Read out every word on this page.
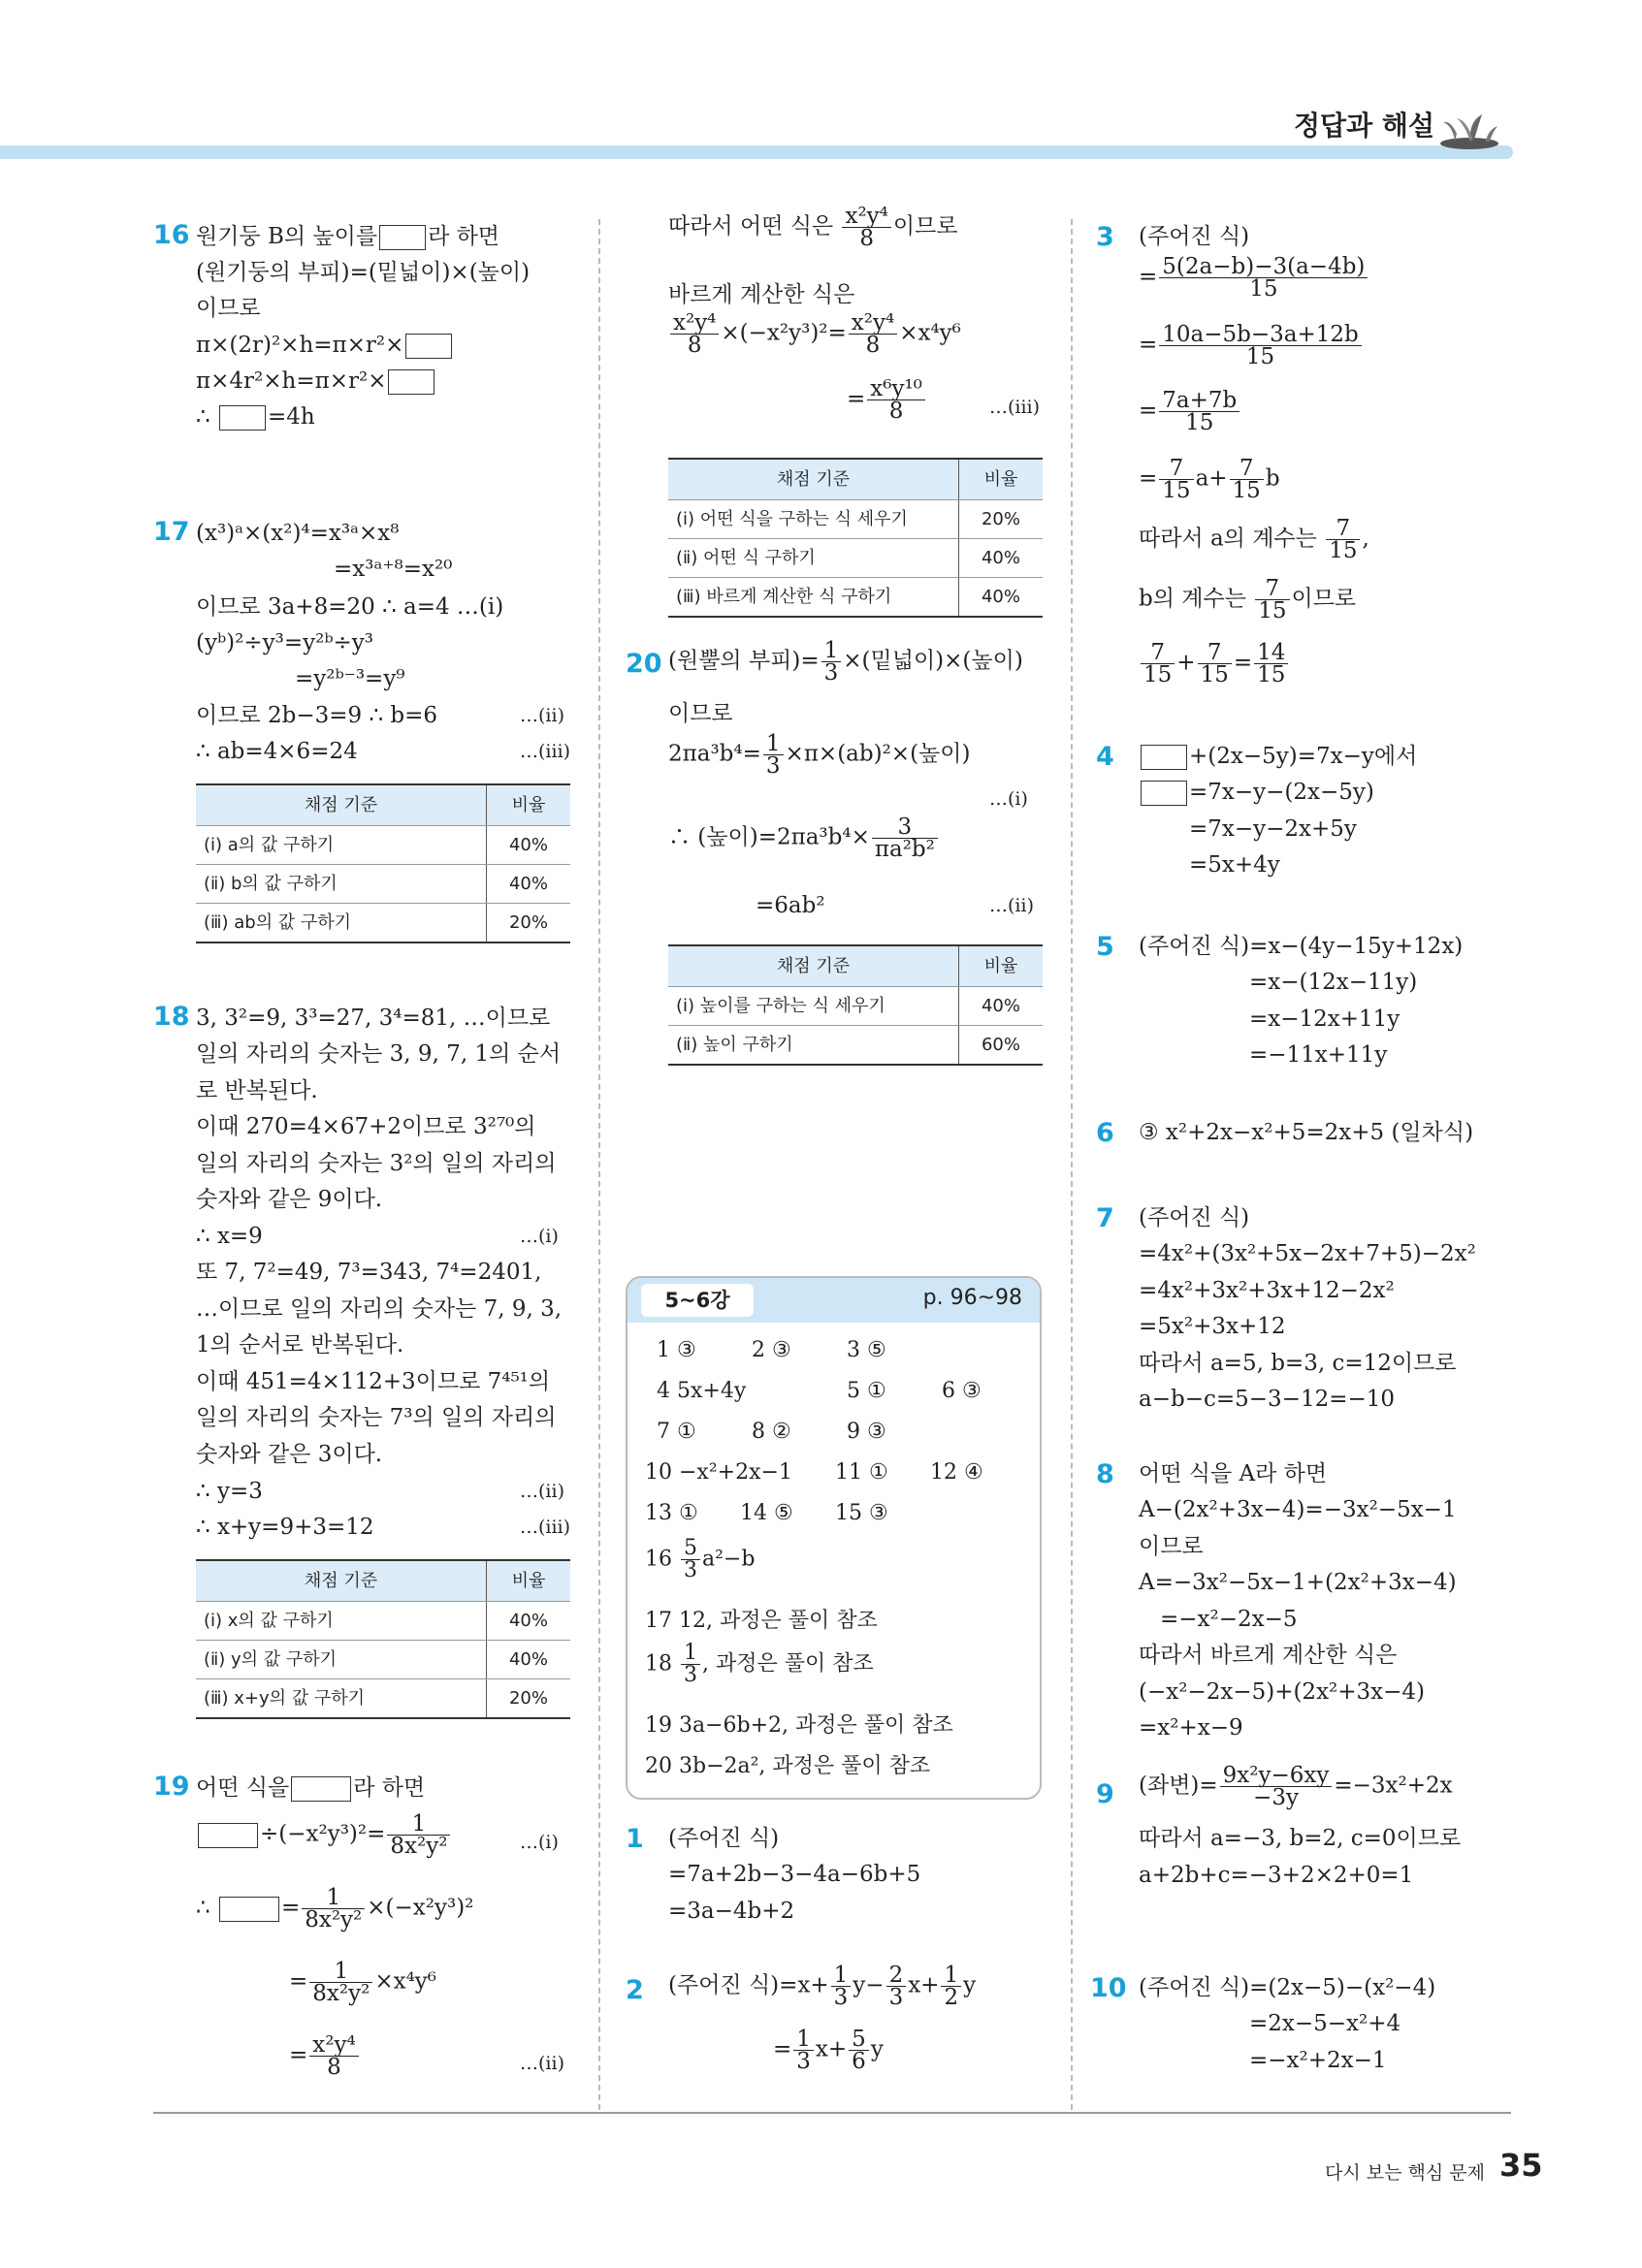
정답과 해설
16 원기둥 B의 높이를 라 하면
(원기둥의 부피)=(밑넓이)×(높이)
이므로
π×(2r)²×h=π×r²×
π×4r²×h=π×r²×
∴	=4h
17 (x³)ᵃ×(x²)⁴=x³ᵃ×x⁸
=x³ᵃ⁺⁸=x²⁰
이므로 3a+8=20 ∴ a=4 …(ⅰ)
(yᵇ)²÷y³=y²ᵇ÷y³
=y²ᵇ⁻³=y⁹
이므로 2b−3=9 ∴ b=6	…(ⅱ)
∴ ab=4×6=24	…(ⅲ)
채점 기준	비율
(ⅰ) a의 값 구하기	40%
(ⅱ) b의 값 구하기	40%
(ⅲ) ab의 값 구하기	20%
18 3, 3²=9, 3³=27, 3⁴=81, …이므로
일의 자리의 숫자는 3, 9, 7, 1의 순서
로 반복된다.
이때 270=4×67+2이므로 3²⁷⁰의
일의 자리의 숫자는 3²의 일의 자리의
숫자와 같은 9이다.
∴ x=9	…(ⅰ)
또 7, 7²=49, 7³=343, 7⁴=2401,
…이므로 일의 자리의 숫자는 7, 9, 3,
1의 순서로 반복된다.
이때 451=4×112+3이므로 7⁴⁵¹의
일의 자리의 숫자는 7³의 일의 자리의
숫자와 같은 3이다.
∴ y=3	…(ⅱ)
∴ x+y=9+3=12	…(ⅲ)
채점 기준	비율
(ⅰ) x의 값 구하기	40%
(ⅱ) y의 값 구하기	40%
(ⅲ) x+y의 값 구하기	20%
19 어떤 식을	라 하면
$\div(-x^2y^3)^2= \frac{1}{\text{8x²y²}}$	…(ⅰ)
∴	= $\frac{1}{\text{8x²y²}} \times(-x^2y^3)^2$
= $\frac{1}{\text{8x²y²}} \times x^4y^6$
= $\frac{\text{x²y⁴}}{8}$	…(ⅱ)
따라서 어떤 식은 $\frac{\text{x²y⁴}}{8}$ 이므로
바르게 계산한 식은
$\frac{\text{x²y⁴}}{8} \times(-x^2y^3)^2= \frac{\text{x²y⁴}}{8} \times x^4y^6$
= $\frac{\text{x⁶y¹⁰}}{8}$	…(ⅲ)
채점 기준	비율
(ⅰ) 어떤 식을 구하는 식 세우기	20%
(ⅱ) 어떤 식 구하기	40%
(ⅲ) 바르게 계산한 식 구하기	40%
20 (원뿔의 부피)= $\frac{1}{3}$ ×(밑넓이)×(높이)
이므로
$2\pi a^3b^4= \frac{1}{3} \times\pi\times(ab)^2\times$(높이)
…(ⅰ)
∴ (높이)$=2\pi a^3b^4\times \frac{3}{\text{πa²b²}}$
=6ab²	…(ⅱ)
채점 기준	비율
(ⅰ) 높이를 구하는 식 세우기	40%
(ⅱ) 높이 구하기	60%
1 (주어진 식)
=7a+2b−3−4a−6b+5
=3a−4b+2
2 (주어진 식)$=x+ \frac{1}{3} y- \frac{2}{3} x+ \frac{1}{2}$ y
= $\frac{1}{3} x+ \frac{5}{6}$ y
5~6강	p. 96~98
1 ③	2 ③	3 ⑤
4 5x+4y	5 ①	6 ③
7 ①	8 ②	9 ③
10 −x²+2x−1 11 ① 12 ④
13 ① 14 ⑤ 15 ③
$16 \frac{5}{3} a^2-b$
17 12, 과정은 풀이 참조
$18 \frac{1}{3}$ , 과정은 풀이 참조
19 3a−6b+2, 과정은 풀이 참조
20 3b−2a², 과정은 풀이 참조
3 (주어진 식)
= $\frac{5(2a-b)-3(a-4b)}{15}$
= $\frac{10a-5b-3a+12b}{15}$
= $\frac{7a+7b}{15}$
= $\frac{7}{15} a+ \frac{7}{15}$ b
따라서 a의 계수는 $\frac{7}{15}$ ,
b의 계수는 $\frac{7}{15}$ 이므로
$\frac{7}{15} + \frac{7}{15} = \frac{14}{15}$
4	+(2x−5y)=7x−y에서
=7x−y−(2x−5y)
=7x−y−2x+5y
=5x+4y
5 (주어진 식)=x−(4y−15y+12x)
=x−(12x−11y)
=x−12x+11y
=−11x+11y
6 ③ x²+2x−x²+5=2x+5 (일차식)
7 (주어진 식)
=4x²+(3x²+5x−2x+7+5)−2x²
=4x²+3x²+3x+12−2x²
=5x²+3x+12
따라서 a=5, b=3, c=12이므로
a−b−c=5−3−12=−10
8 어떤 식을 A라 하면
A−(2x²+3x−4)=−3x²−5x−1
이므로
A=−3x²−5x−1+(2x²+3x−4)
=−x²−2x−5
따라서 바르게 계산한 식은
(−x²−2x−5)+(2x²+3x−4)
=x²+x−9
9 (좌변)= $\frac{\text{9x²y−6xy}}{-3y} =-3x^2+2x$
따라서 a=−3, b=2, c=0이므로
a+2b+c=−3+2×2+0=1
10 (주어진 식)=(2x−5)−(x²−4)
=2x−5−x²+4
=−x²+2x−1
다시 보는 핵심 문제 35
